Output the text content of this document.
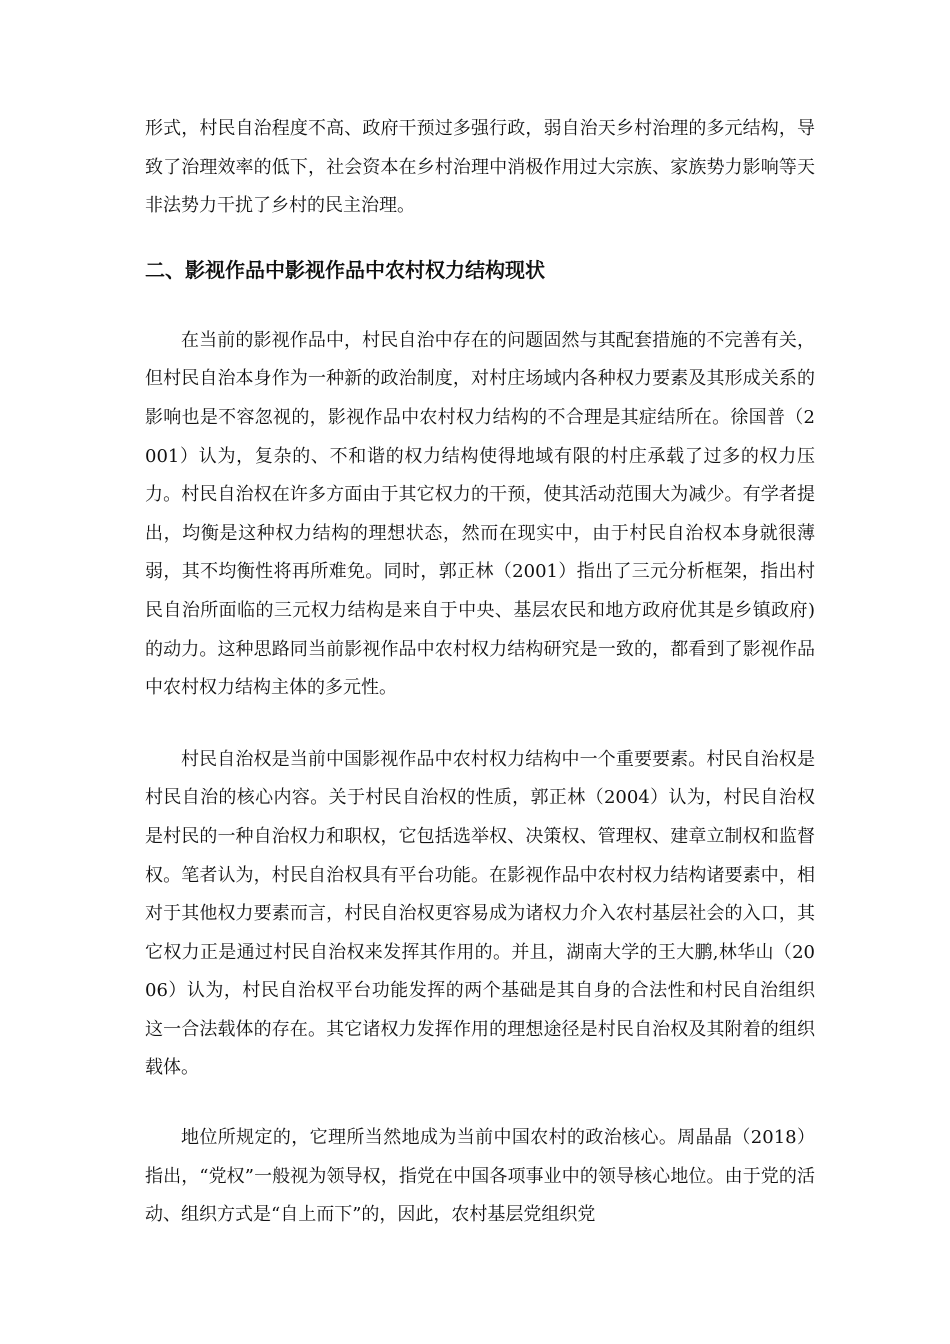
形式，村民自治程度不高、政府干预过多强行政，弱自治天乡村治理的多元结构，导致了治理效率的低下，社会资本在乡村治理中消极作用过大宗族、家族势力影响等天非法势力干扰了乡村的民主治理。

二、影视作品中影视作品中农村权力结构现状

在当前的影视作品中，村民自治中存在的问题固然与其配套措施的不完善有关，但村民自治本身作为一种新的政治制度，对村庄场域内各种权力要素及其形成关系的影响也是不容忽视的，影视作品中农村权力结构的不合理是其症结所在。徐国普（2001）认为，复杂的、不和谐的权力结构使得地域有限的村庄承载了过多的权力压力。村民自治权在许多方面由于其它权力的干预，使其活动范围大为减少。有学者提出，均衡是这种权力结构的理想状态，然而在现实中，由于村民自治权本身就很薄弱，其不均衡性将再所难免。同时，郭正林（2001）指出了三元分析框架，指出村民自治所面临的三元权力结构是来自于中央、基层农民和地方政府优其是乡镇政府)的动力。这种思路同当前影视作品中农村权力结构研究是一致的，都看到了影视作品中农村权力结构主体的多元性。

村民自治权是当前中国影视作品中农村权力结构中一个重要要素。村民自治权是村民自治的核心内容。关于村民自治权的性质，郭正林（2004）认为，村民自治权是村民的一种自治权力和职权，它包括选举权、决策权、管理权、建章立制权和监督权。笔者认为，村民自治权具有平台功能。在影视作品中农村权力结构诸要素中，相对于其他权力要素而言，村民自治权更容易成为诸权力介入农村基层社会的入口，其它权力正是通过村民自治权来发挥其作用的。并且，湖南大学的王大鹏,林华山（2006）认为，村民自治权平台功能发挥的两个基础是其自身的合法性和村民自治组织这一合法载体的存在。其它诸权力发挥作用的理想途径是村民自治权及其附着的组织载体。

地位所规定的，它理所当然地成为当前中国农村的政治核心。周晶晶（2018）指出，“党权”一般视为领导权，指党在中国各项事业中的领导核心地位。由于党的活动、组织方式是“自上而下”的，因此，农村基层党组织党
